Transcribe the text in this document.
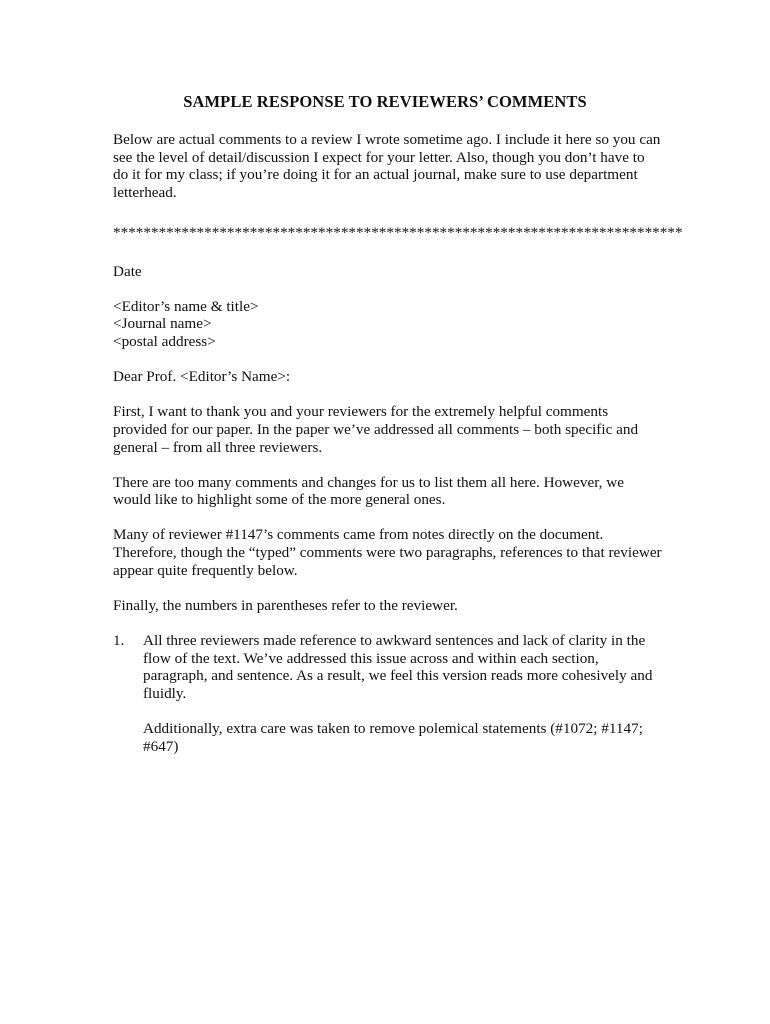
SAMPLE RESPONSE TO REVIEWERS’ COMMENTS

Below are actual comments to a review I wrote sometime ago. I include it here so you can see the level of detail/discussion I expect for your letter. Also, though you don’t have to do it for my class; if you’re doing it for an actual journal, make sure to use department letterhead.

***************************************************************************

Date

<Editor’s name & title>
<Journal name>
<postal address>

Dear Prof. <Editor’s Name>:

First, I want to thank you and your reviewers for the extremely helpful comments provided for our paper. In the paper we’ve addressed all comments – both specific and general – from all three reviewers.

There are too many comments and changes for us to list them all here. However, we would like to highlight some of the more general ones.

Many of reviewer #1147’s comments came from notes directly on the document. Therefore, though the “typed” comments were two paragraphs, references to that reviewer appear quite frequently below.

Finally, the numbers in parentheses refer to the reviewer.

1. All three reviewers made reference to awkward sentences and lack of clarity in the flow of the text. We’ve addressed this issue across and within each section, paragraph, and sentence. As a result, we feel this version reads more cohesively and fluidly.

Additionally, extra care was taken to remove polemical statements (#1072; #1147; #647)
